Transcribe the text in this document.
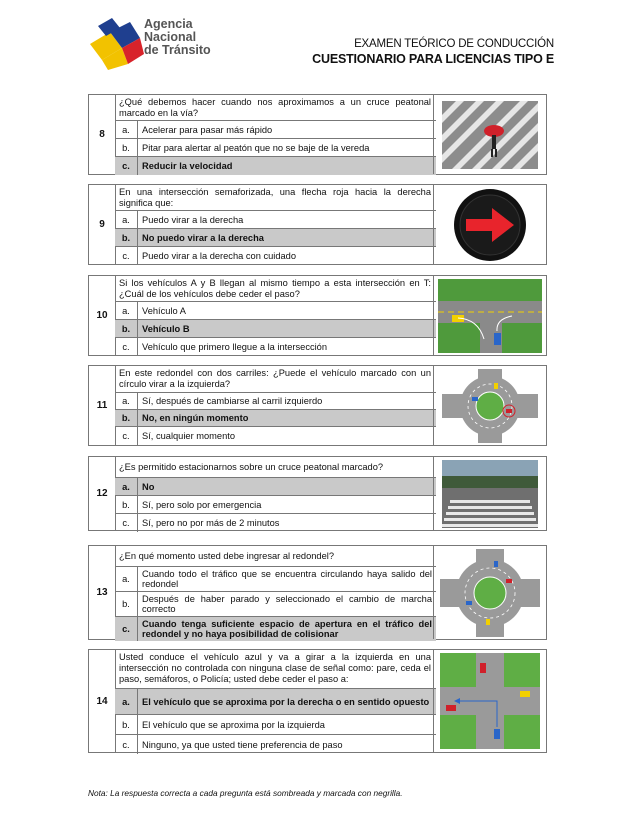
Agencia
Nacional
de Tránsito	EXAMEN TEÓRICO DE CONDUCCIÓN
CUESTIONARIO PARA LICENCIAS TIPO E
8
¿Qué debemos hacer cuando nos aproximamos a un cruce peatonal marcado en la vía?
a.	Acelerar para pasar más rápido
b.	Pitar para alertar al peatón que no se baje de la vereda
c.	Reducir la velocidad
9
En una intersección semaforizada, una flecha roja hacia la derecha significa que:
a.	Puedo virar a la derecha
b.	No puedo virar a la derecha
c.	Puedo virar a la derecha con cuidado
10
Si los vehículos A y B llegan al mismo tiempo a esta intersección en T: ¿Cuál de los vehículos debe ceder el paso?
a.	Vehículo A
b.	Vehículo B
c.	Vehículo que primero llegue a la intersección
11
En este redondel con dos carriles: ¿Puede el vehículo marcado con un círculo virar a la izquierda?
a.	Sí, después de cambiarse al carril izquierdo
b.	No, en ningún momento
c.	Sí, cualquier momento
12
¿Es permitido estacionarnos sobre un cruce peatonal marcado?
a.	No
b.	Sí, pero solo por emergencia
c.	Sí, pero no por más de 2 minutos
13
¿En qué momento usted debe ingresar al redondel?
a.	Cuando todo el tráfico que se encuentra circulando haya salido del redondel
b.	Después de haber parado y seleccionado el cambio de marcha correcto
c.	Cuando tenga suficiente espacio de apertura en el tráfico del redondel y no haya posibilidad de colisionar
14
Usted conduce el vehículo azul y va a girar a la izquierda en una intersección no controlada con ninguna clase de señal como: pare, ceda el paso, semáforos, o Policía; usted debe ceder el paso a:
a.	El vehículo que se aproxima por la derecha o en sentido opuesto
b.	El vehículo que se aproxima por la izquierda
c.	Ninguno, ya que usted tiene preferencia de paso
Nota: La respuesta correcta a cada pregunta está sombreada y marcada con negrilla.
